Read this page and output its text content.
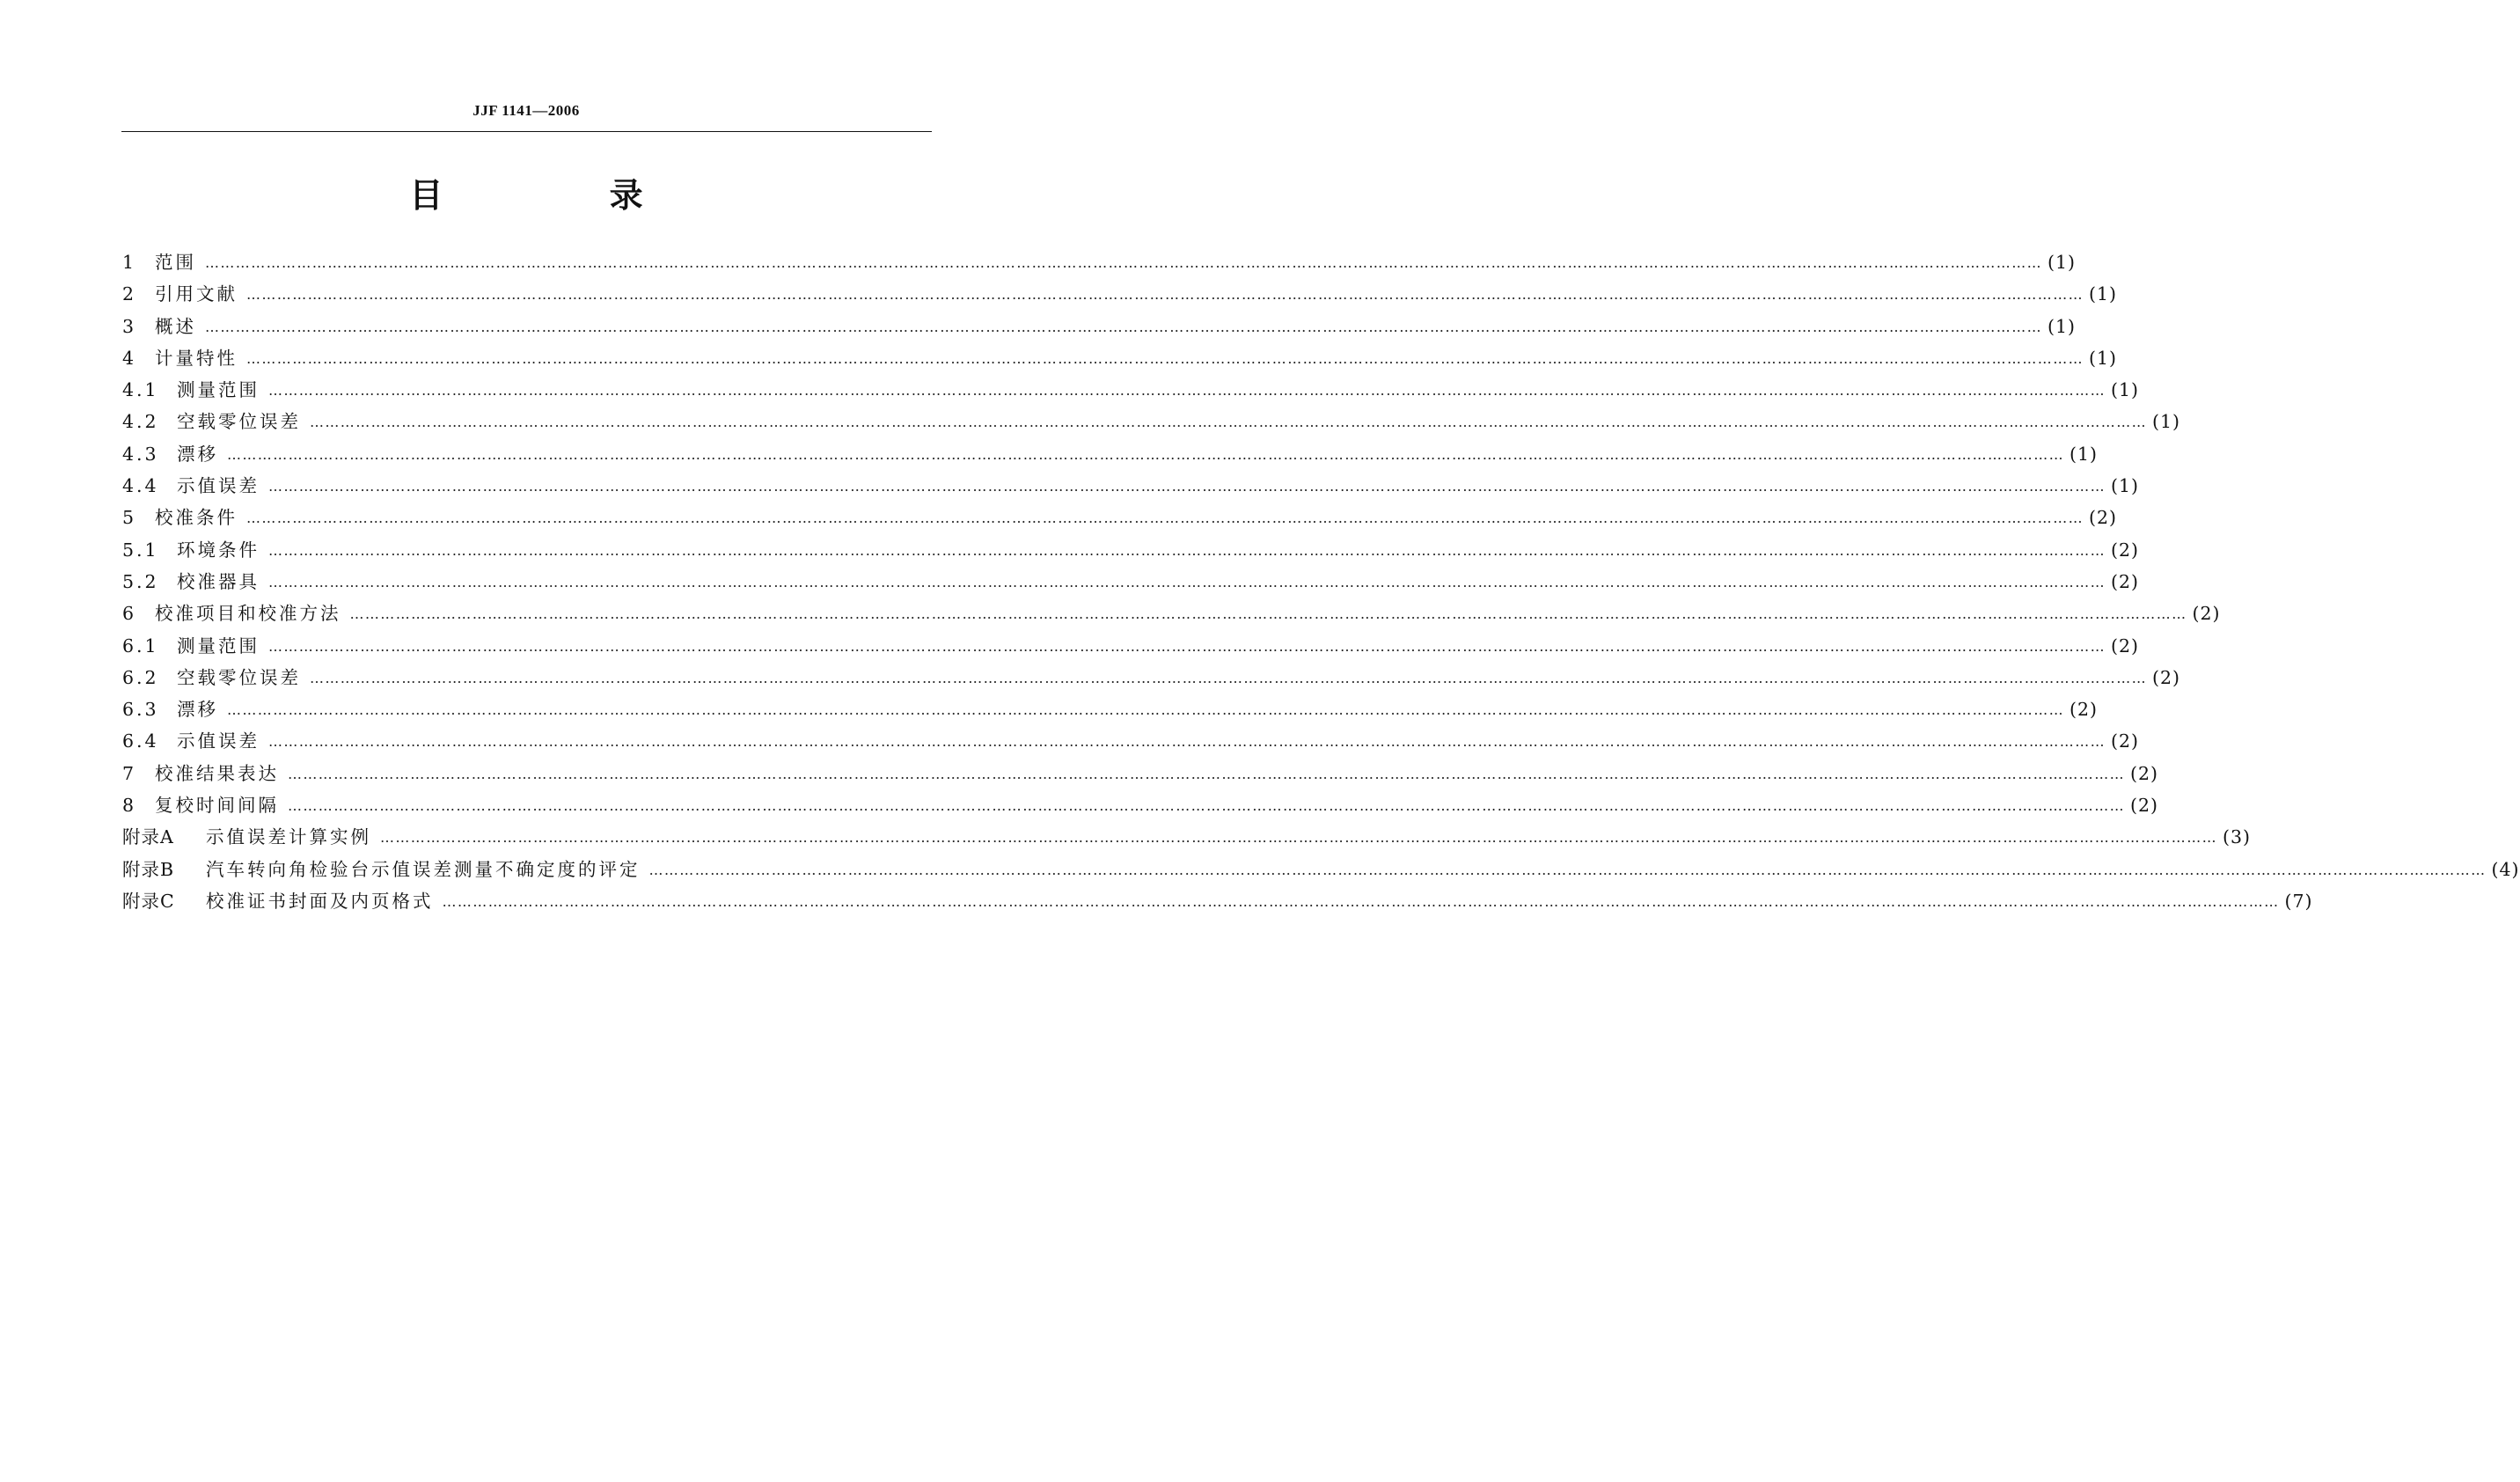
JJF 1141—2006
目 录
1	范围 ……………………………………………………………………………………………………………………………………………………………………………………………………………………………………………………………………………………………………………………………… (1)
2	引用文献 ……………………………………………………………………………………………………………………………………………………………………………………………………………………………………………………………………………………………………………………………… (1)
3	概述 ……………………………………………………………………………………………………………………………………………………………………………………………………………………………………………………………………………………………………………………………… (1)
4	计量特性 ……………………………………………………………………………………………………………………………………………………………………………………………………………………………………………………………………………………………………………………………… (1)
4.1 测量范围 ……………………………………………………………………………………………………………………………………………………………………………………………………………………………………………………………………………………………………………………………… (1)
4.2 空载零位误差 ……………………………………………………………………………………………………………………………………………………………………………………………………………………………………………………………………………………………………………………………… (1)
4.3 漂移 ……………………………………………………………………………………………………………………………………………………………………………………………………………………………………………………………………………………………………………………………… (1)
4.4 示值误差 ……………………………………………………………………………………………………………………………………………………………………………………………………………………………………………………………………………………………………………………………… (1)
5	校准条件 ……………………………………………………………………………………………………………………………………………………………………………………………………………………………………………………………………………………………………………………………… (2)
5.1 环境条件 ……………………………………………………………………………………………………………………………………………………………………………………………………………………………………………………………………………………………………………………………… (2)
5.2 校准器具 ……………………………………………………………………………………………………………………………………………………………………………………………………………………………………………………………………………………………………………………………… (2)
6	校准项目和校准方法 ……………………………………………………………………………………………………………………………………………………………………………………………………………………………………………………………………………………………………………………………… (2)
6.1 测量范围 ……………………………………………………………………………………………………………………………………………………………………………………………………………………………………………………………………………………………………………………………… (2)
6.2 空载零位误差 ……………………………………………………………………………………………………………………………………………………………………………………………………………………………………………………………………………………………………………………………… (2)
6.3 漂移 ……………………………………………………………………………………………………………………………………………………………………………………………………………………………………………………………………………………………………………………………… (2)
6.4 示值误差 ……………………………………………………………………………………………………………………………………………………………………………………………………………………………………………………………………………………………………………………………… (2)
7	校准结果表达 ……………………………………………………………………………………………………………………………………………………………………………………………………………………………………………………………………………………………………………………………… (2)
8	复校时间间隔 ……………………………………………………………………………………………………………………………………………………………………………………………………………………………………………………………………………………………………………………………… (2)
附录A	示值误差计算实例 ……………………………………………………………………………………………………………………………………………………………………………………………………………………………………………………………………………………………………………………………… (3)
附录B	汽车转向角检验台示值误差测量不确定度的评定 ……………………………………………………………………………………………………………………………………………………………………………………………………………………………………………………………………………………………………………………………… (4)
附录C	校准证书封面及内页格式 ……………………………………………………………………………………………………………………………………………………………………………………………………………………………………………………………………………………………………………………………… (7)
